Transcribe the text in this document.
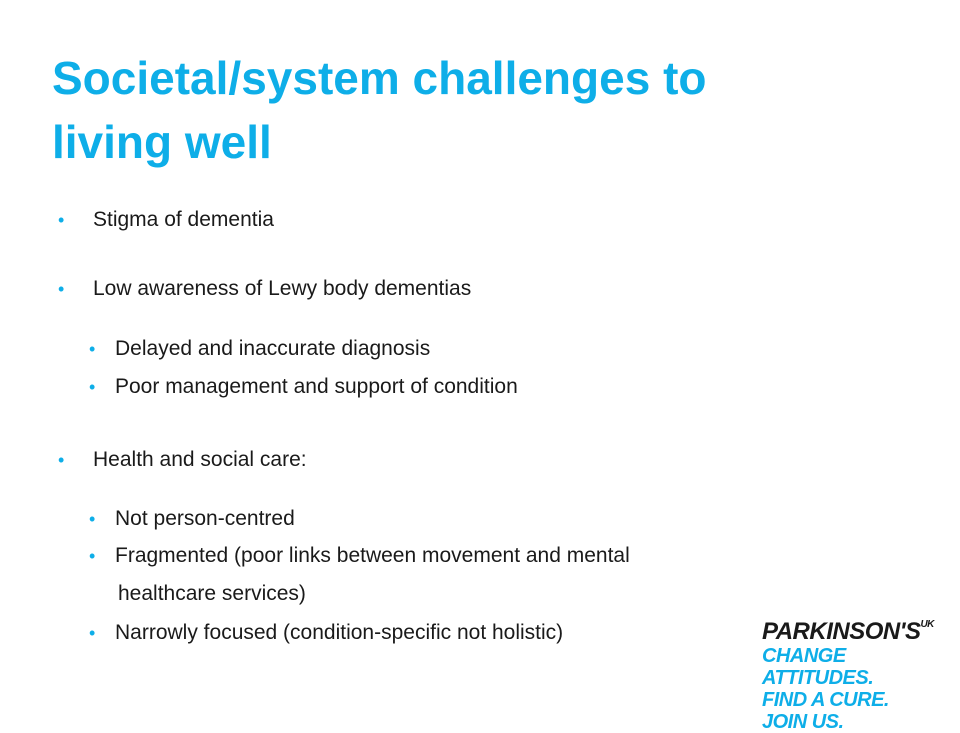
Societal/system challenges to
living well
• Stigma of dementia
• Low awareness of Lewy body dementias
• Delayed and inaccurate diagnosis
• Poor management and support of condition
• Health and social care:
• Not person-centred
• Fragmented (poor links between movement and mental
healthcare services)
• Narrowly focused (condition-specific not holistic)	$PARKINSON'S^{UK}$
CHANGE ATTITUDES.
FIND A CURE.
JOIN US.
